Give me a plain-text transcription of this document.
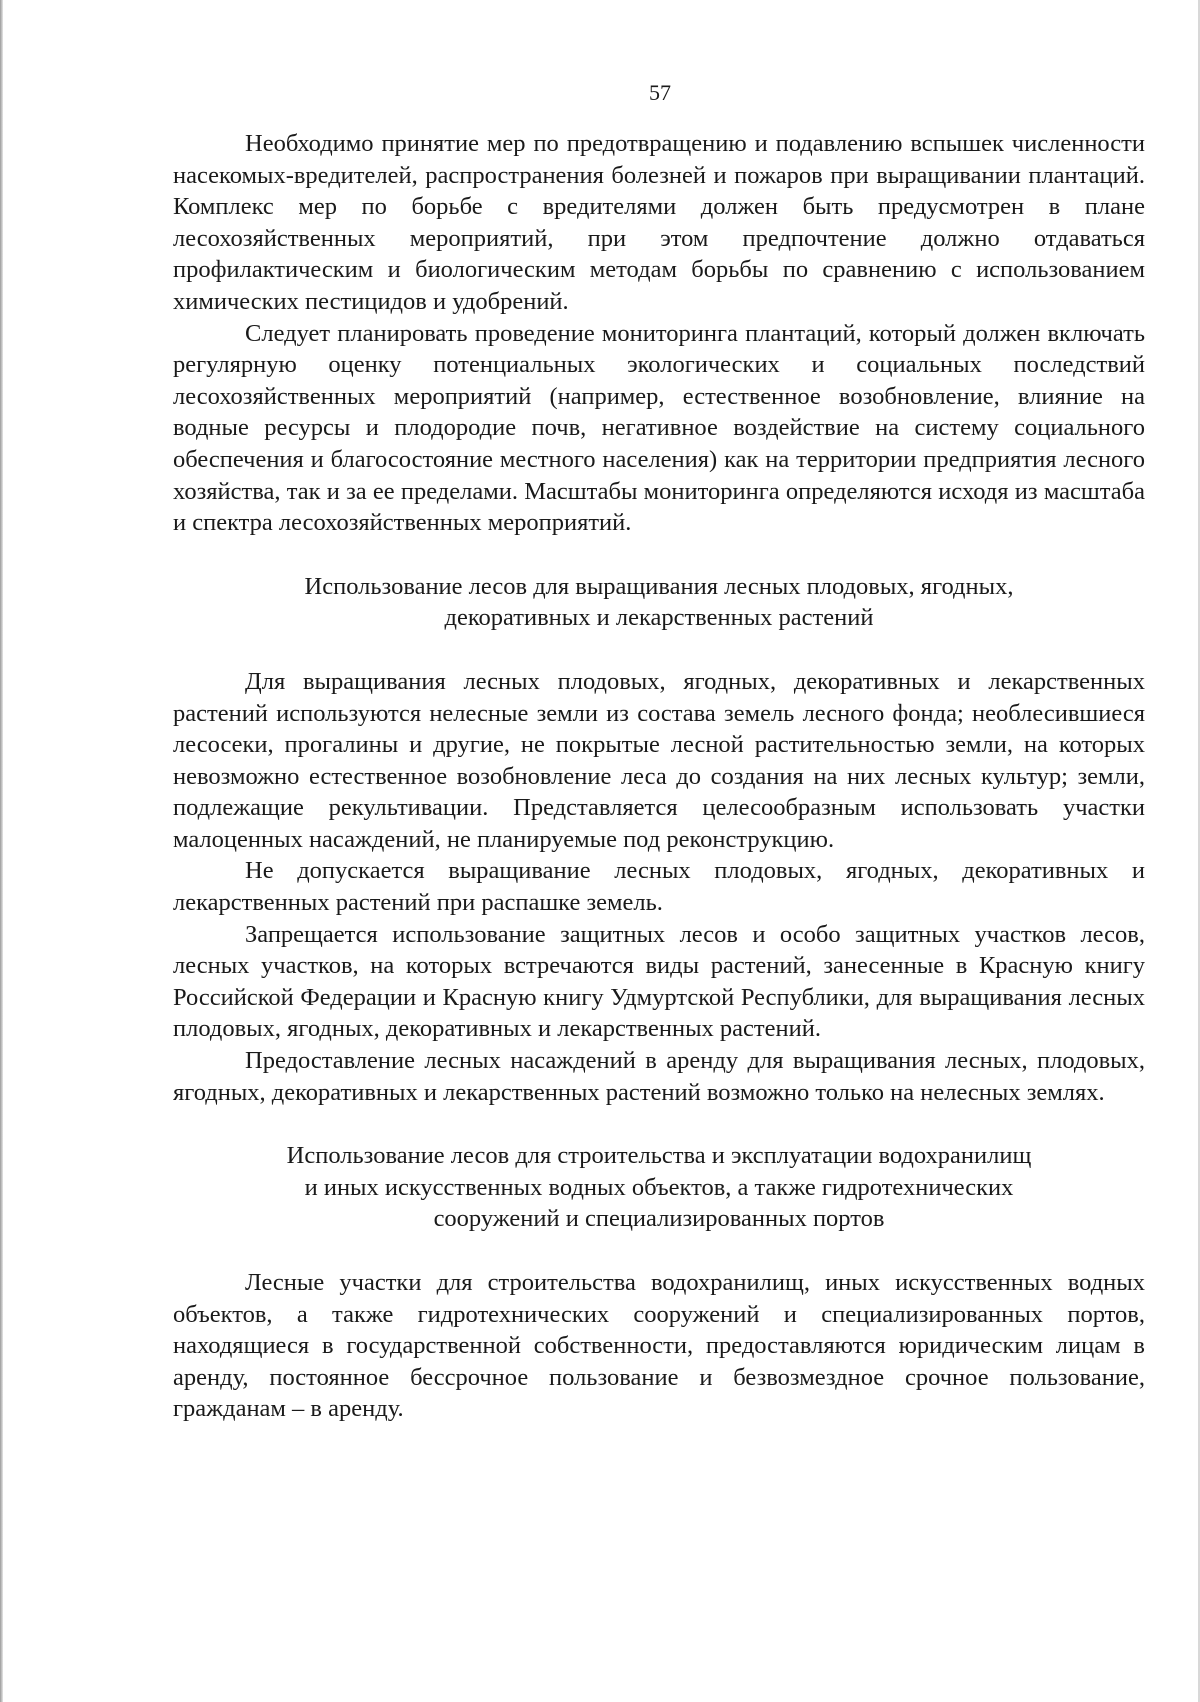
57

Необходимо принятие мер по предотвращению и подавлению вспышек численности насекомых-вредителей, распространения болезней и пожаров при выращивании плантаций. Комплекс мер по борьбе с вредителями должен быть предусмотрен в плане лесохозяйственных мероприятий, при этом предпочтение должно отдаваться профилактическим и биологическим методам борьбы по сравнению с использованием химических пестицидов и удобрений.

Следует планировать проведение мониторинга плантаций, который должен включать регулярную оценку потенциальных экологических и социальных последствий лесохозяйственных мероприятий (например, естественное возобновление, влияние на водные ресурсы и плодородие почв, негативное воздействие на систему социального обеспечения и благосостояние местного населения) как на территории предприятия лесного хозяйства, так и за ее пределами. Масштабы мониторинга определяются исходя из масштаба и спектра лесохозяйственных мероприятий.

Использование лесов для выращивания лесных плодовых, ягодных,
декоративных и лекарственных растений

Для выращивания лесных плодовых, ягодных, декоративных и лекарственных растений используются нелесные земли из состава земель лесного фонда; необлесившиеся лесосеки, прогалины и другие, не покрытые лесной растительностью земли, на которых невозможно естественное возобновление леса до создания на них лесных культур; земли, подлежащие рекультивации. Представляется целесообразным использовать участки малоценных насаждений, не планируемые под реконструкцию.

Не допускается выращивание лесных плодовых, ягодных, декоративных и лекарственных растений при распашке земель.

Запрещается использование защитных лесов и особо защитных участков лесов, лесных участков, на которых встречаются виды растений, занесенные в Красную книгу Российской Федерации и Красную книгу Удмуртской Республики, для выращивания лесных плодовых, ягодных, декоративных и лекарственных растений.

Предоставление лесных насаждений в аренду для выращивания лесных, плодовых, ягодных, декоративных и лекарственных растений возможно только на нелесных землях.

Использование лесов для строительства и эксплуатации водохранилищ
и иных искусственных водных объектов, а также гидротехнических
сооружений и специализированных портов

Лесные участки для строительства водохранилищ, иных искусственных водных объектов, а также гидротехнических сооружений и специализированных портов, находящиеся в государственной собственности, предоставляются юридическим лицам в аренду, постоянное бессрочное пользование и безвозмездное срочное пользование, гражданам – в аренду.
